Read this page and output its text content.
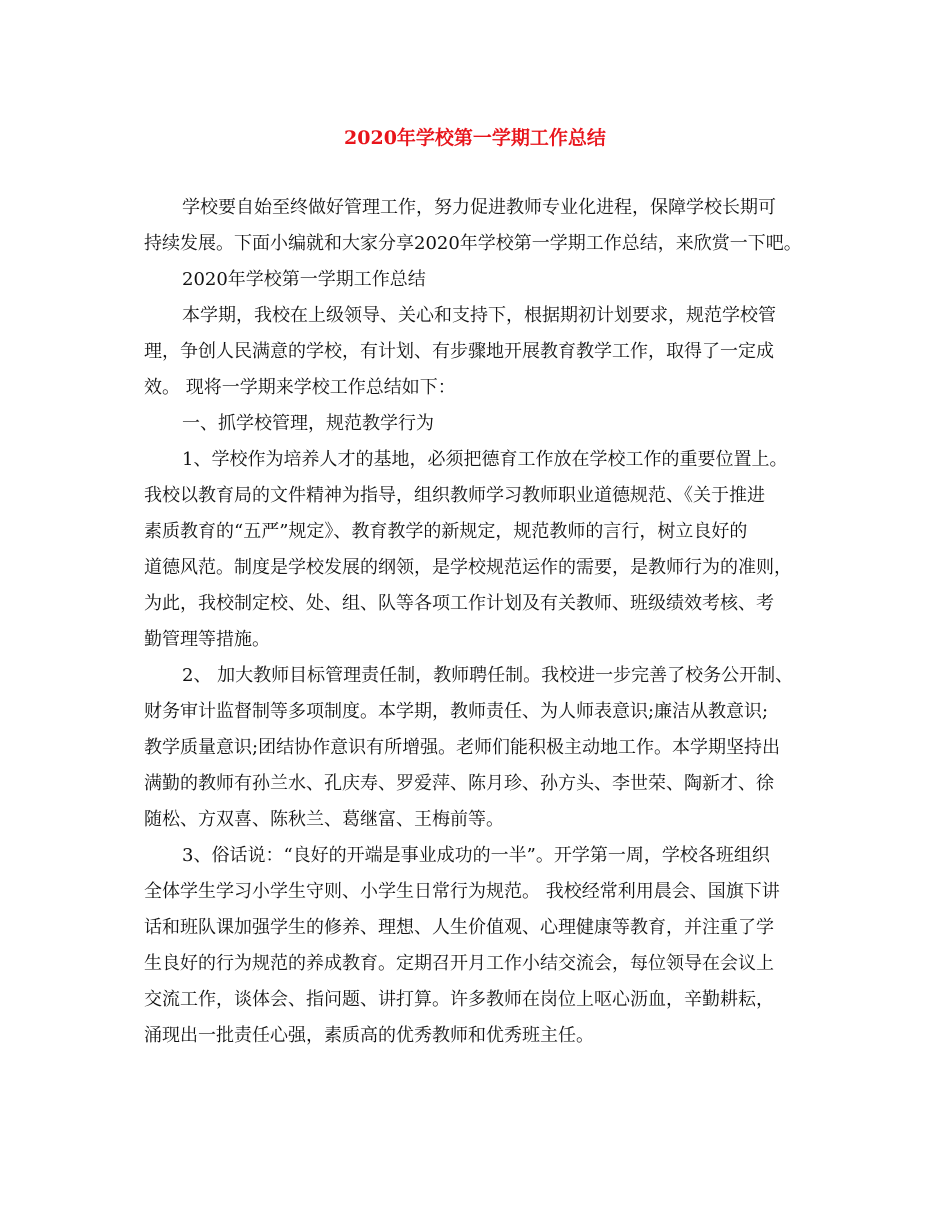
2020年学校第一学期工作总结
学校要自始至终做好管理工作，努力促进教师专业化进程，保障学校长期可
持续发展。下面小编就和大家分享2020年学校第一学期工作总结，来欣赏一下吧。
2020年学校第一学期工作总结
本学期，我校在上级领导、关心和支持下，根据期初计划要求，规范学校管
理，争创人民满意的学校，有计划、有步骤地开展教育教学工作，取得了一定成
效。 现将一学期来学校工作总结如下：
一、抓学校管理，规范教学行为
1、学校作为培养人才的基地，必须把德育工作放在学校工作的重要位置上。
我校以教育局的文件精神为指导，组织教师学习教师职业道德规范、《关于推进
素质教育的“五严”规定》、教育教学的新规定，规范教师的言行，树立良好的
道德风范。制度是学校发展的纲领，是学校规范运作的需要，是教师行为的准则，
为此，我校制定校、处、组、队等各项工作计划及有关教师、班级绩效考核、考
勤管理等措施。
2、 加大教师目标管理责任制，教师聘任制。我校进一步完善了校务公开制、
财务审计监督制等多项制度。本学期，教师责任、为人师表意识;廉洁从教意识;
教学质量意识;团结协作意识有所增强。老师们能积极主动地工作。本学期坚持出
满勤的教师有孙兰水、孔庆寿、罗爱萍、陈月珍、孙方头、李世荣、陶新才、徐
随松、方双喜、陈秋兰、葛继富、王梅前等。
3、俗话说：“良好的开端是事业成功的一半”。开学第一周，学校各班组织
全体学生学习小学生守则、小学生日常行为规范。 我校经常利用晨会、国旗下讲
话和班队课加强学生的修养、理想、人生价值观、心理健康等教育，并注重了学
生良好的行为规范的养成教育。定期召开月工作小结交流会，每位领导在会议上
交流工作，谈体会、指问题、讲打算。许多教师在岗位上呕心沥血，辛勤耕耘，
涌现出一批责任心强，素质高的优秀教师和优秀班主任。
